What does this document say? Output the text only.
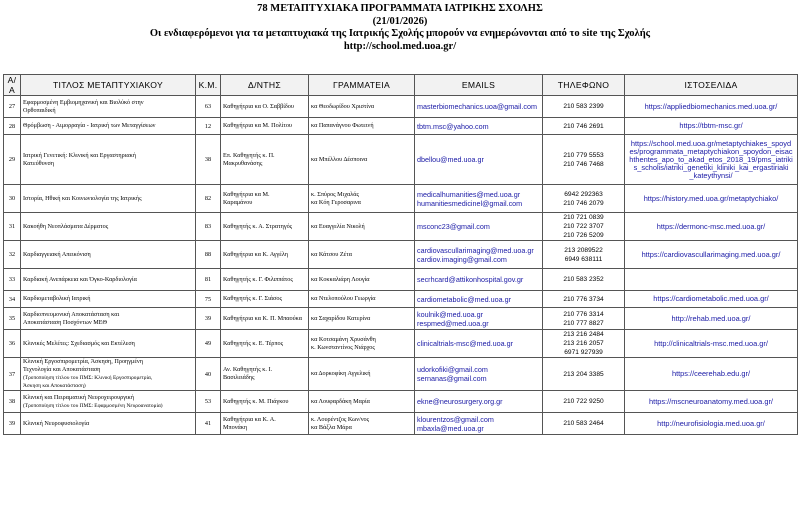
78 ΜΕΤΑΠΤΥΧΙΑΚΑ ΠΡΟΓΡΑΜΜΑΤΑ ΙΑΤΡΙΚΗΣ ΣΧΟΛΗΣ
(21/01/2026)
Οι ενδιαφερόμενοι για τα μεταπτυχιακά της Ιατρικής Σχολής μπορούν να ενημερώνονται από το site της Σχολής
http://school.med.uoa.gr/
Α/Α	ΤΙΤΛΟΣ ΜΕΤΑΠΤΥΧΙΑΚΟΥ	Κ.Μ.	Δ/ΝΤΗΣ	ΓΡΑΜΜΑΤΕΙΑ	EMAILS	ΤΗΛΕΦΩΝΟ	ΙΣΤΟΣΕΛΙΔΑ
27	Εφαρμοσμένη Εμβιομηχανική και Βιολύκό στην
Ορθοπαιδική	63	Καθηγήτρια κα Ο. Σαββίδου	κα Θεοδωρίδου Χριστίνα	masterbiomechanics.uoa@gmail.com	210 583 2399	https://appliedbiomechanics.med.uoa.gr/

28	Θρόμβωση - Αιμορραγία - Ιατρική των Μεταγγίσεων	12	Καθηγήτρια κα Μ. Πολίτου	κα Παπανάγνου Φωτεινή	tbtm.msc@yahoo.com	210 746 2691	https://tbtm-msc.gr/

29	Ιατρική Γενετική: Κλινική και Εργαστηριακή
Κατεύθυνση	38	Επ. Καθηγητής κ. Π.
Μακρυθανάσης	κα Μπέλλου Δέσποινα	dbellou@med.uoa.gr	210 779 5553
210 746 7468	https://school.med.uoa.gr/metaptychiakes_spoyd
es/programmata_metaptychiakon_spoydon_eisac
hthentes_apo_to_akad_etos_2018_19/pms_iatriki
s_scholis/iatriki_genetiki_kliniki_kai_ergastiriaki
_kateythynsi/

30	Ιστορία, Ηθική και Κοινωνιολογία της Ιατρικής	82	Καθηγήτρια κα Μ.
Καραμάνου	κ. Σπύρος Μιχαλάς
κα Κόη Γεροσαρινα	medicalhumanities@med.uoa.gr
humanitiesmedicinel@gmail.com	6942 292363
210 746 2079	https://history.med.uoa.gr/metaptychiako/

31	Κακοήθη Νεοπλάσματα Δέρματος	83	Καθηγητής κ. Α. Στρατηγός	κα Ευαγγελία Νικολή	msconc23@gmail.com	210 721 0839
210 722 3707
210 726 5209	https://dermonc-msc.med.uoa.gr/

32	Καρδιαγγειακή Απεικόνιση	88	Καθηγήτρια κα Κ. Αγγέλη	κα Κάτσου Ζέτα	cardiovascullarimaging@med.uoa.gr
cardiov.imaging@gmail.com	213 2089522
6949 638111	https://cardiovascullarimaging.med.uoa.gr/

33	Καρδιακή Ανεπάρκεια και Όγκο-Καρδιολογία	81	Καθηγητής κ. Γ. Φιλιππάτος	κα Κοκκαλιάρη Λουγία	secrhcard@attikonhospital.gov.gr	210 583 2352	

34	Καρδιομεταβολική Ιατρική	75	Καθηγητής κ. Γ. Σιάσος	κα Ντελοπούλου Γεωργία	cardiometabolic@med.uoa.gr	210 776 3734	https://cardiometabolic.med.uoa.gr/

35	Καρδιοπνευμονική Αποκατάσταση και
Αποκατάσταση Ποσχόντων ΜΕΘ	39	Καθηγήτρια κα Κ. Π. Μπαούκα	κα Σαχαρίδου Κατερίνα	koulnik@med.uoa.gr
respmed@med.uoa.gr	210 776 3314
210 777 8827	http://rehab.med.uoa.gr/

36	Κλινικές Μελέτες: Σχεδιασμός και Εκτέλεση	49	Καθηγητής κ. Ε. Τέρπος	κα Κοτσαμάνη Χρυσάνθη
κ. Κωνσταντίνος Νιάρχος	clinicaltrials-msc@med.uoa.gr	213 216 2484
213 216 2057
6971 927939	http://clinicaltrials-msc.med.uoa.gr/

37	Κλινική Εργοσπιρομετρία, Άσκηση, Προηγμένη
Τεχνολογία και Αποκατάσταση
(Τροποποίηση τίτλου του ΠΜΣ: Κλινική Εργοσπιρομετρία,
Άσκηση και Αποκατάσταση)	40	Αν. Καθηγητής κ. Ι.
Βασιλειάδης	κα Δορκοφίκη Αγγελική	udorkofiki@gmail.com
sernanas@gmail.com	213 204 3385	https://ceerehab.edu.gr/

38	Κλινική και Πειραματική Νευροχειρουργική
(Τροποποίηση τίτλου του ΠΜΣ: Εφαρμοσμένη Νευροανατομία)	53	Καθηγητής κ. Μ. Πιάγκου	κα Λουφαρδάκη Μαρία	ekne@neurosurgery.org.gr	210 722 9250	https://mscneuroanatomy.med.uoa.gr/

39	Κλινική Νευροφυσιολογία	41	Καθηγήτρια κα Κ. Α.
Μπονάκη	κ. Λουρέντζος Κων/νος
κα Βάξλα Μάρα	klourentzos@gmail.com
mbaxla@med.uoa.gr	210 583 2464	http://neurofisiologia.med.uoa.gr/
